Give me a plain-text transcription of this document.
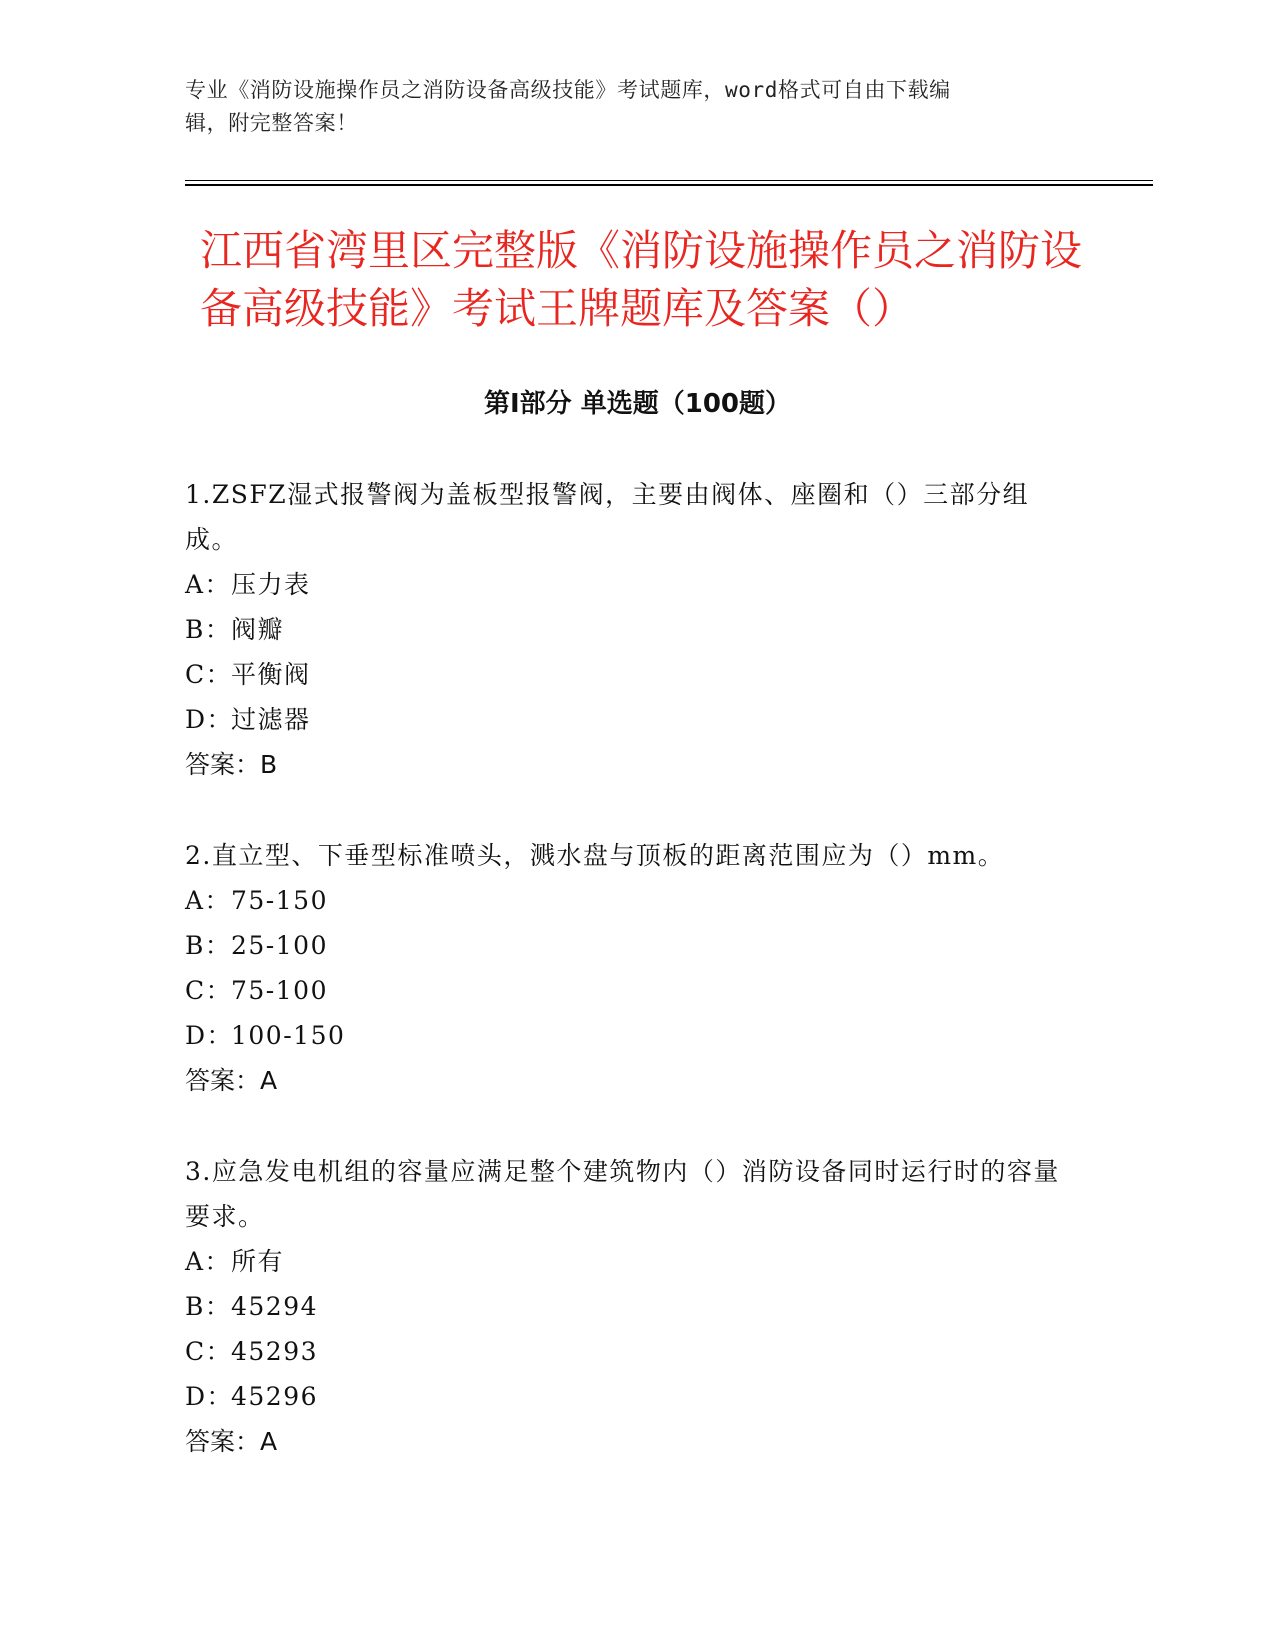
专业《消防设施操作员之消防设备高级技能》考试题库，word格式可自由下载编
辑，附完整答案！
江西省湾里区完整版《消防设施操作员之消防设备高级技能》考试王牌题库及答案（）
第Ⅰ部分 单选题（100题）

1.ZSFZ湿式报警阀为盖板型报警阀，主要由阀体、座圈和（）三部分组成。

A： 压力表

B： 阀瓣

C：
平衡阀

D：
过滤器

答案：B

2.直立型、下垂型标准喷头，溅水盘与顶板的距离范围应为（）mm。

A： 75-150

B： 25-100

C：
75-100

D：
100-150

答案：A

3.应急发电机组的容量应满足整个建筑物内（）消防设备同时运行时的容量要求。

A： 所有

B： 45294

C：
45293

D：
45296

答案：A
